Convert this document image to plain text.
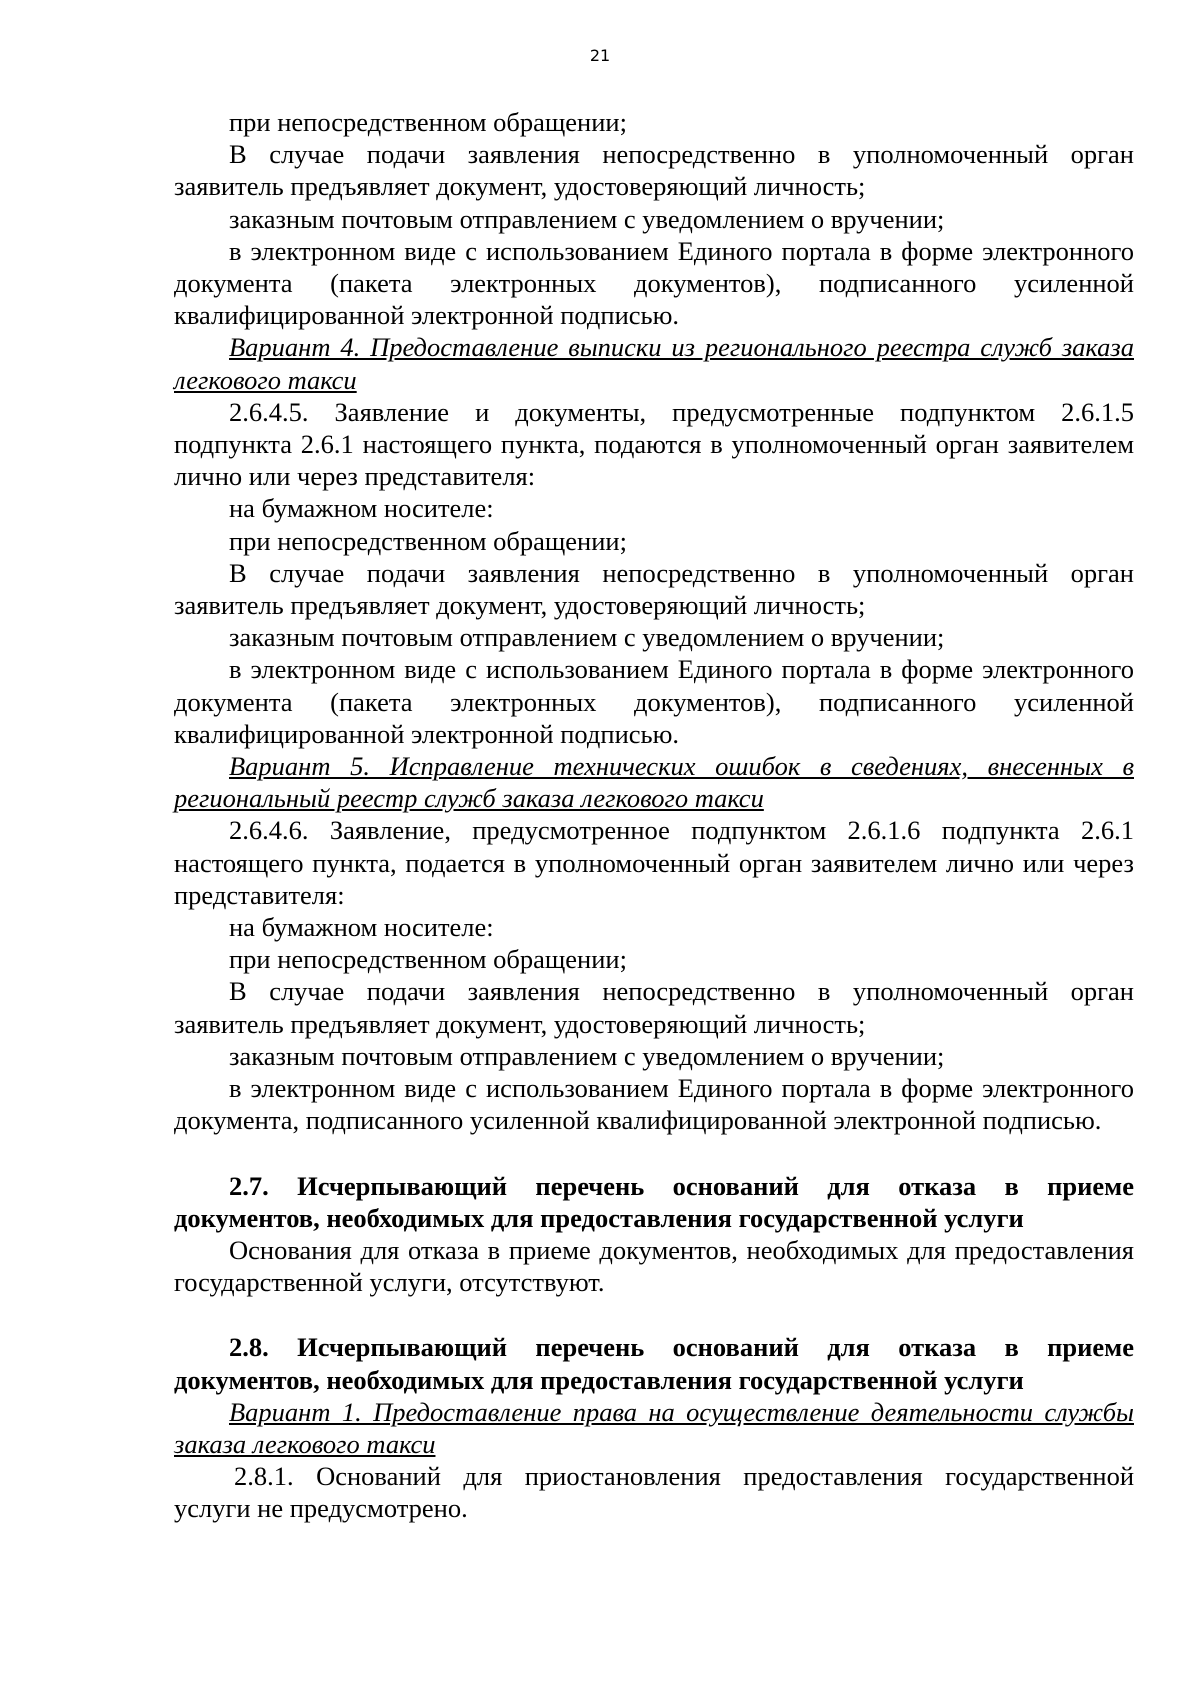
21

при непосредственном обращении;

В случае подачи заявления непосредственно в уполномоченный орган заявитель предъявляет документ, удостоверяющий личность;

заказным почтовым отправлением с уведомлением о вручении;

в электронном виде с использованием Единого портала в форме электронного документа (пакета электронных документов), подписанного усиленной квалифицированной электронной подписью.

Вариант 4. Предоставление выписки из регионального реестра служб заказа легкового такси

2.6.4.5. Заявление и документы, предусмотренные подпунктом 2.6.1.5 подпункта 2.6.1 настоящего пункта, подаются в уполномоченный орган заявителем лично или через представителя:

на бумажном носителе:

при непосредственном обращении;

В случае подачи заявления непосредственно в уполномоченный орган заявитель предъявляет документ, удостоверяющий личность;

заказным почтовым отправлением с уведомлением о вручении;

в электронном виде с использованием Единого портала в форме электронного документа (пакета электронных документов), подписанного усиленной квалифицированной электронной подписью.

Вариант 5. Исправление технических ошибок в сведениях, внесенных в региональный реестр служб заказа легкового такси

2.6.4.6. Заявление, предусмотренное подпунктом 2.6.1.6 подпункта 2.6.1 настоящего пункта, подается в уполномоченный орган заявителем лично или через представителя:

на бумажном носителе:

при непосредственном обращении;

В случае подачи заявления непосредственно в уполномоченный орган заявитель предъявляет документ, удостоверяющий личность;

заказным почтовым отправлением с уведомлением о вручении;

в электронном виде с использованием Единого портала в форме электронного документа, подписанного усиленной квалифицированной электронной подписью.

2.7. Исчерпывающий перечень оснований для отказа в приеме документов, необходимых для предоставления государственной услуги

Основания для отказа в приеме документов, необходимых для предоставления государственной услуги, отсутствуют.

2.8. Исчерпывающий перечень оснований для отказа в приеме документов, необходимых для предоставления государственной услуги

Вариант 1. Предоставление права на осуществление деятельности службы заказа легкового такси

2.8.1. Оснований для приостановления предоставления государственной услуги не предусмотрено.
